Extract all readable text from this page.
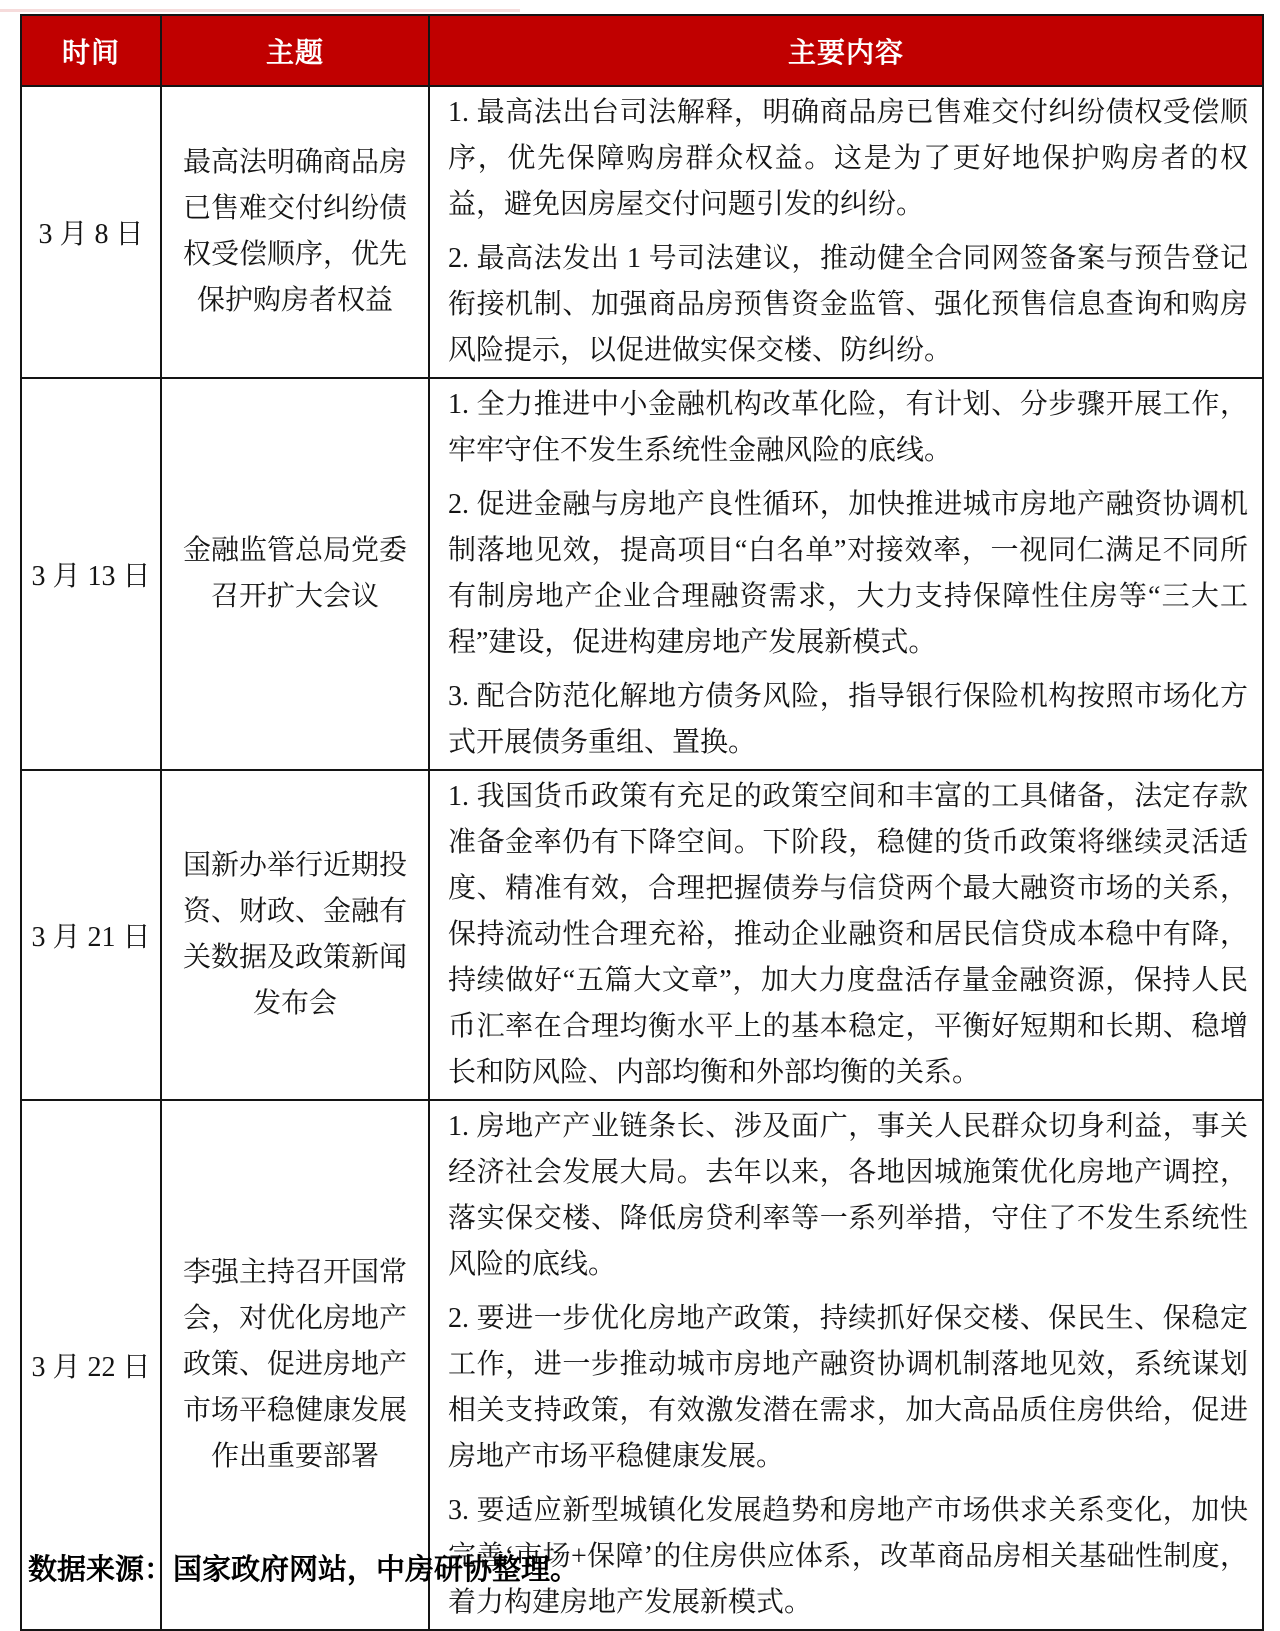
时间	主题	主要内容
3 月 8 日	最高法明确商品房已售难交付纠纷债权受偿顺序，优先保护购房者权益	1. 最高法出台司法解释，明确商品房已售难交付纠纷债权受偿顺序，优先保障购房群众权益。这是为了更好地保护购房者的权益，避免因房屋交付问题引发的纠纷。

2. 最高法发出 1 号司法建议，推动健全合同网签备案与预告登记衔接机制、加强商品房预售资金监管、强化预售信息查询和购房风险提示，以促进做实保交楼、防纠纷。

3 月 13 日	金融监管总局党委召开扩大会议	1. 全力推进中小金融机构改革化险，有计划、分步骤开展工作，牢牢守住不发生系统性金融风险的底线。

2. 促进金融与房地产良性循环，加快推进城市房地产融资协调机制落地见效，提高项目“白名单”对接效率，一视同仁满足不同所有制房地产企业合理融资需求，大力支持保障性住房等“三大工程”建设，促进构建房地产发展新模式。

3. 配合防范化解地方债务风险，指导银行保险机构按照市场化方式开展债务重组、置换。

3 月 21 日	国新办举行近期投资、财政、金融有关数据及政策新闻发布会	1. 我国货币政策有充足的政策空间和丰富的工具储备，法定存款准备金率仍有下降空间。下阶段，稳健的货币政策将继续灵活适度、精准有效，合理把握债券与信贷两个最大融资市场的关系，保持流动性合理充裕，推动企业融资和居民信贷成本稳中有降，持续做好“五篇大文章”，加大力度盘活存量金融资源，保持人民币汇率在合理均衡水平上的基本稳定，平衡好短期和长期、稳增长和防风险、内部均衡和外部均衡的关系。

3 月 22 日	李强主持召开国常会，对优化房地产政策、促进房地产市场平稳健康发展作出重要部署	1. 房地产产业链条长、涉及面广，事关人民群众切身利益，事关经济社会发展大局。去年以来，各地因城施策优化房地产调控，落实保交楼、降低房贷利率等一系列举措，守住了不发生系统性风险的底线。

2. 要进一步优化房地产政策，持续抓好保交楼、保民生、保稳定工作，进一步推动城市房地产融资协调机制落地见效，系统谋划相关支持政策，有效激发潜在需求，加大高品质住房供给，促进房地产市场平稳健康发展。

3. 要适应新型城镇化发展趋势和房地产市场供求关系变化，加快完善‘市场+保障’的住房供应体系，改革商品房相关基础性制度，着力构建房地产发展新模式。

数据来源：国家政府网站，中房研协整理。
